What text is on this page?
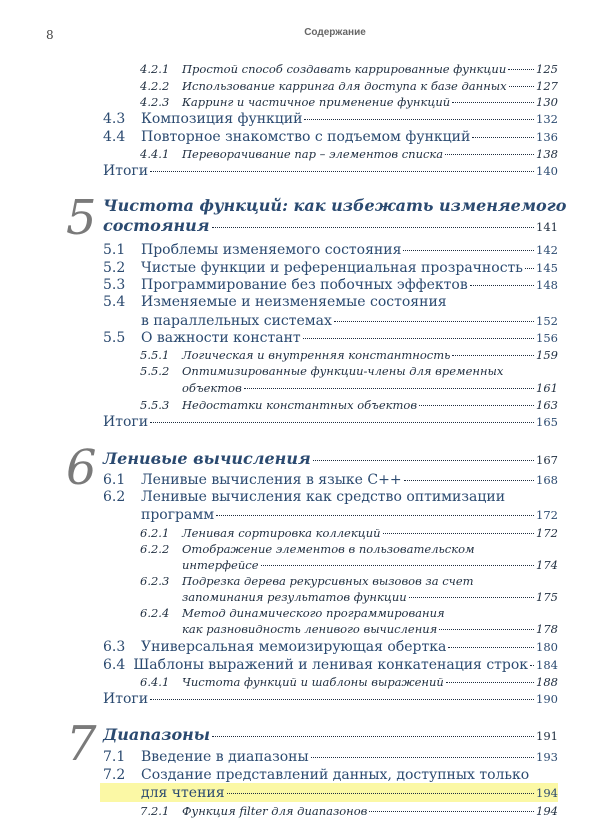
8	Содержание
4.2.1	Простой способ создавать каррированные функции	125
4.2.2	Использование карринга для доступа к базе данных	127
4.2.3	Карринг и частичное применение функций	130
4.3	Композиция функций	132
4.4	Повторное знакомство с подъемом функций	136
4.4.1	Переворачивание пар – элементов списка	138
Итоги	140
5 Чистота функций: как избежать изменяемого
состояния	141
5.1	Проблемы изменяемого состояния	142
5.2	Чистые функции и референциальная прозрачность 145
5.3	Программирование без побочных эффектов	148
5.4 Изменяемые и неизменяемые состояния
в параллельных системах	152
5.5	О важности констант	156
5.5.1	Логическая и внутренняя константность	159
5.5.2 Оптимизированные функции-члены для временных
объектов	161
5.5.3	Недостатки константных объектов	163
Итоги	165
6 Ленивые вычисления	167
6.1	Ленивые вычисления в языке C++	168
6.2 Ленивые вычисления как средство оптимизации
программ	172
6.2.1	Ленивая сортировка коллекций	172
6.2.2 Отображение элементов в пользовательском
интерфейсе	174
6.2.3 Подрезка дерева рекурсивных вызовов за счет
запоминания результатов функции	175
6.2.4 Метод динамического программирования
как разновидность ленивого вычисления	178
6.3	Универсальная мемоизирующая обертка	180
6.4 Шаблоны выражений и ленивая конкатенация строк 184
6.4.1	Чистота функций и шаблоны выражений	188
Итоги	190
7 Диапазоны	191
7.1	Введение в диапазоны	193
7.2 Создание представлений данных, доступных только
для чтения	194
7.2.1	Функция filter для диапазонов	194
